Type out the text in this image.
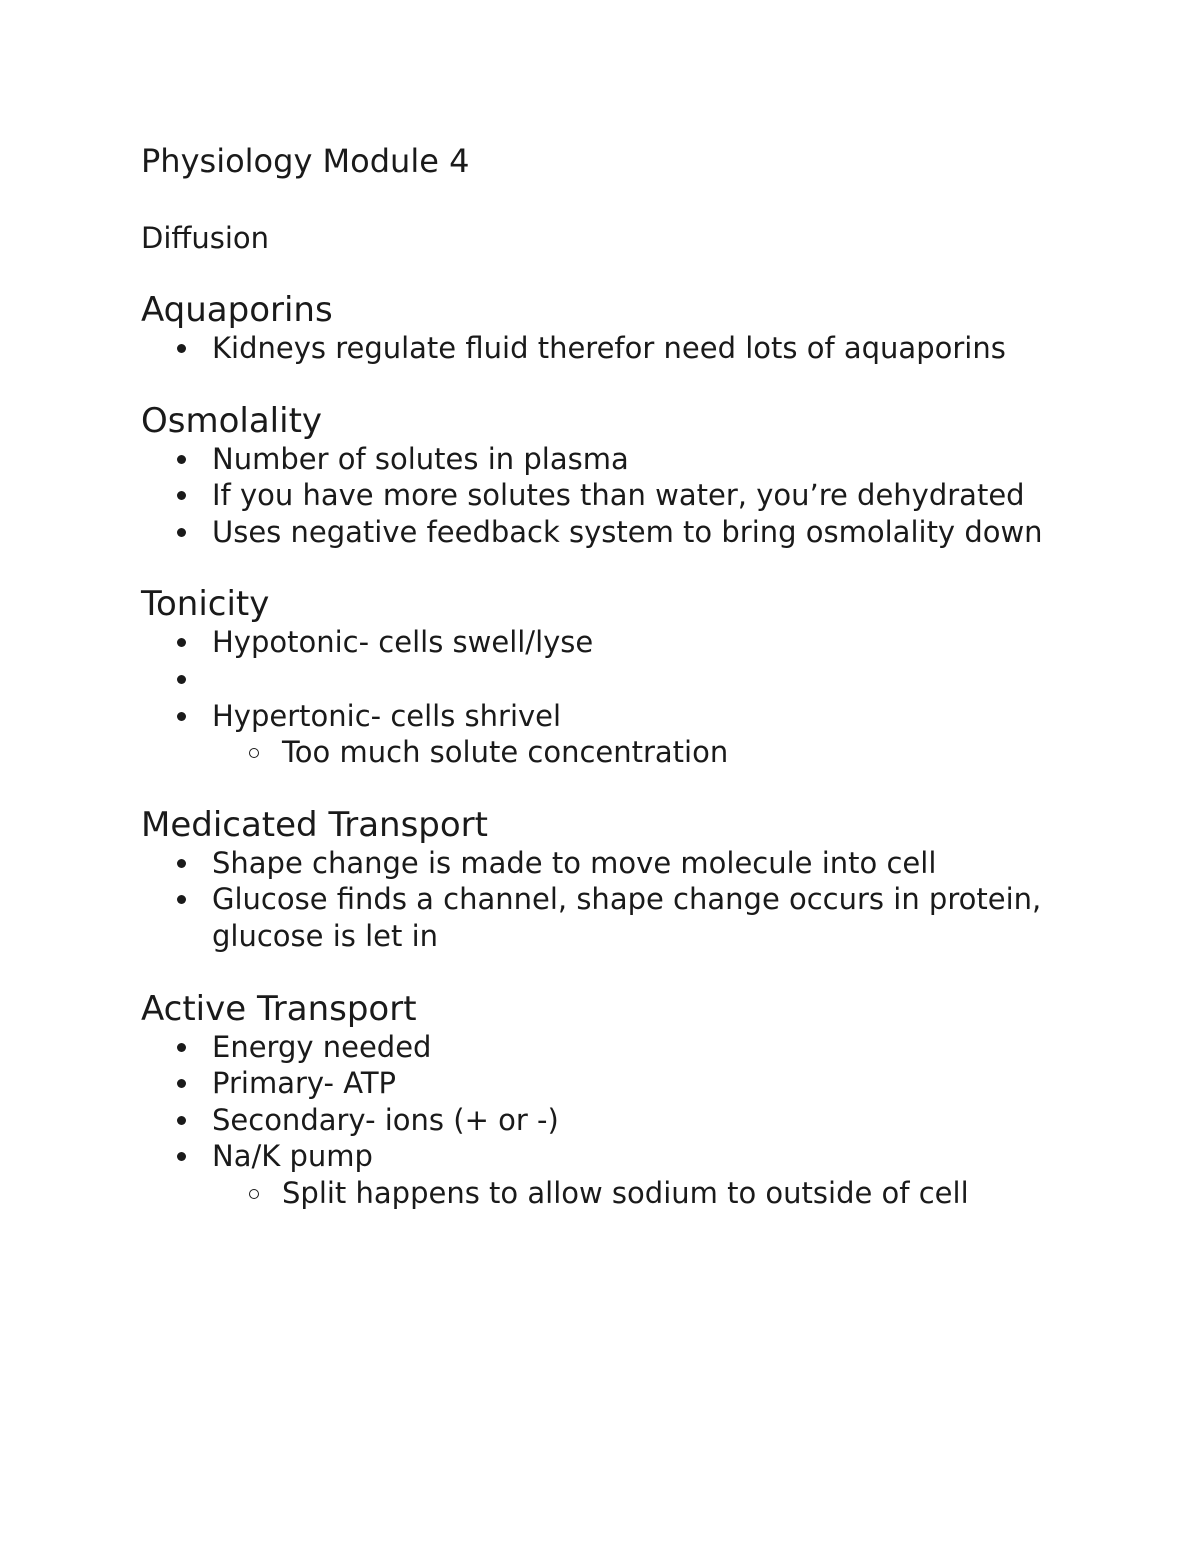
Physiology Module 4

Diffusion

Aquaporins
Kidneys regulate fluid therefor need lots of aquaporins
Osmolality
Number of solutes in plasma
If you have more solutes than water, you’re dehydrated
Uses negative feedback system to bring osmolality down
Tonicity
Hypotonic- cells swell/lyse
Hypertonic- cells shrivel
Too much solute concentration
Medicated Transport
Shape change is made to move molecule into cell
Glucose finds a channel, shape change occurs in protein, glucose is let in
Active Transport
Energy needed
Primary- ATP
Secondary- ions (+ or -)
Na/K pump
Split happens to allow sodium to outside of cell
